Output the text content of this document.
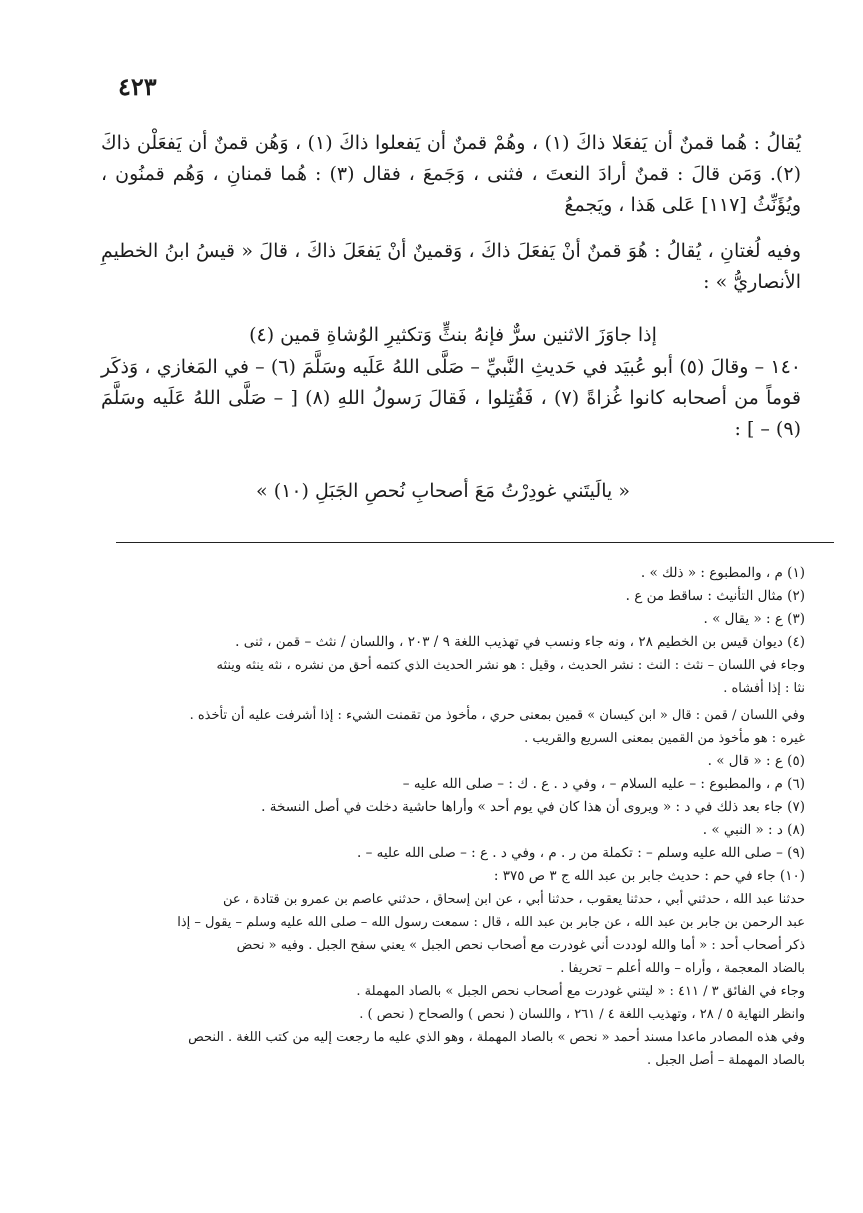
٤٢٣

يُقالُ : هُما قمنٌ أن يَفعَلا ذاكَ (١) ، وهُمْ قمنٌ أن يَفعلوا ذاكَ (١) ، وَهُن قمنٌ أن يَفعَلْن ذاكَ (٢). وَمَن قالَ : قمنٌ أرادَ النعتَ ، فثنى ، وَجَمعَ ، فقال (٣) : هُما قمنانِ ، وَهُم قمنُون ، ويُؤَنِّثُ [١١٧] عَلى هَذا ، ويَجمعُ

وفيه لُغتانِ ، يُقالُ : هُوَ قمنٌ أنْ يَفعَلَ ذاكَ ، وَقمينٌ أنْ يَفعَلَ ذاكَ ، قالَ « قيسُ ابنُ الخطيمِ الأنصاريُّ » :

إذا جاوَزَ الاثنين سرٌّ فإنهُ بنثٍّ وَتكثيرِ الوُشاةِ قمين (٤)

١٤٠ – وقالَ (٥) أبو عُبيَد في حَديثِ النَّبيِّ – صَلَّى اللهُ عَلَيه وسَلَّمَ (٦) – في المَغازي ، وَذكَر قوماً من أصحابه كانوا غُزاةً (٧) ، فَقُتِلوا ، فَقالَ رَسولُ اللهِ (٨) [ – صَلَّى اللهُ عَلَيه وسَلَّمَ (٩) – ] :

« يالَيتَني غودِرْتُ مَعَ أصحابِ نُحصِ الجَبَلِ (١٠) »

(١) م ، والمطبوع : « ذلك » .

(٢) مثال التأنيث : ساقط من ع .

(٣) ع : « يقال » .

(٤) ديوان قيس بن الخطيم ٢٨ ، ونه جاء ونسب في تهذيب اللغة ٩ / ٢٠٣ ، واللسان / نثث – قمن ، ثنى .

وجاء في اللسان – نثث : النث : نشر الحديث ، وقيل : هو نشر الحديث الذي كتمه أحق من نشره ، نثه ينثه وينثه

نثا : إذا أفشاه .

وفي اللسان / قمن : قال « ابن كيسان » قمين بمعنى حري ، مأخوذ من تقمنت الشيء : إذا أشرفت عليه أن تأخذه .

غيره : هو مأخوذ من القمين بمعنى السريع والقريب .

(٥) ع : « قال » .

(٦) م ، والمطبوع : – عليه السلام – ، وفي د . ع . ك : – صلى الله عليه –

(٧) جاء بعد ذلك في د : « ويروى أن هذا كان في يوم أحد » وأراها حاشية دخلت في أصل النسخة .

(٨) د : « النبي » .

(٩) – صلى الله عليه وسلم – : تكملة من ر . م ، وفي د . ع : – صلى الله عليه – .

(١٠) جاء في حم : حديث جابر بن عبد الله ج ٣ ص ٣٧٥ :

حدثنا عبد الله ، حدثني أبي ، حدثنا يعقوب ، حدثنا أبي ، عن ابن إسحاق ، حدثني عاصم بن عمرو بن قتادة ، عن

عبد الرحمن بن جابر بن عبد الله ، عن جابر بن عبد الله ، قال : سمعت رسول الله – صلى الله عليه وسلم – يقول – إذا

ذكر أصحاب أحد : « أما والله لوددت أني غودرت مع أصحاب نحص الجبل » يعني سفح الجبل . وفيه « نحض

بالضاد المعجمة ، وأراه – والله أعلم – تحريفا .

وجاء في الفائق ٣ / ٤١١ : « ليتني غودرت مع أصحاب نحص الجبل » بالصاد المهملة .

وانظر النهاية ٥ / ٢٨ ، وتهذيب اللغة ٤ / ٢٦١ ، واللسان ( نحص ) والصحاح ( نحص ) .

وفي هذه المصادر ماعدا مسند أحمد « نحص » بالصاد المهملة ، وهو الذي عليه ما رجعت إليه من كتب اللغة . النحص

بالصاد المهملة – أصل الجبل .
